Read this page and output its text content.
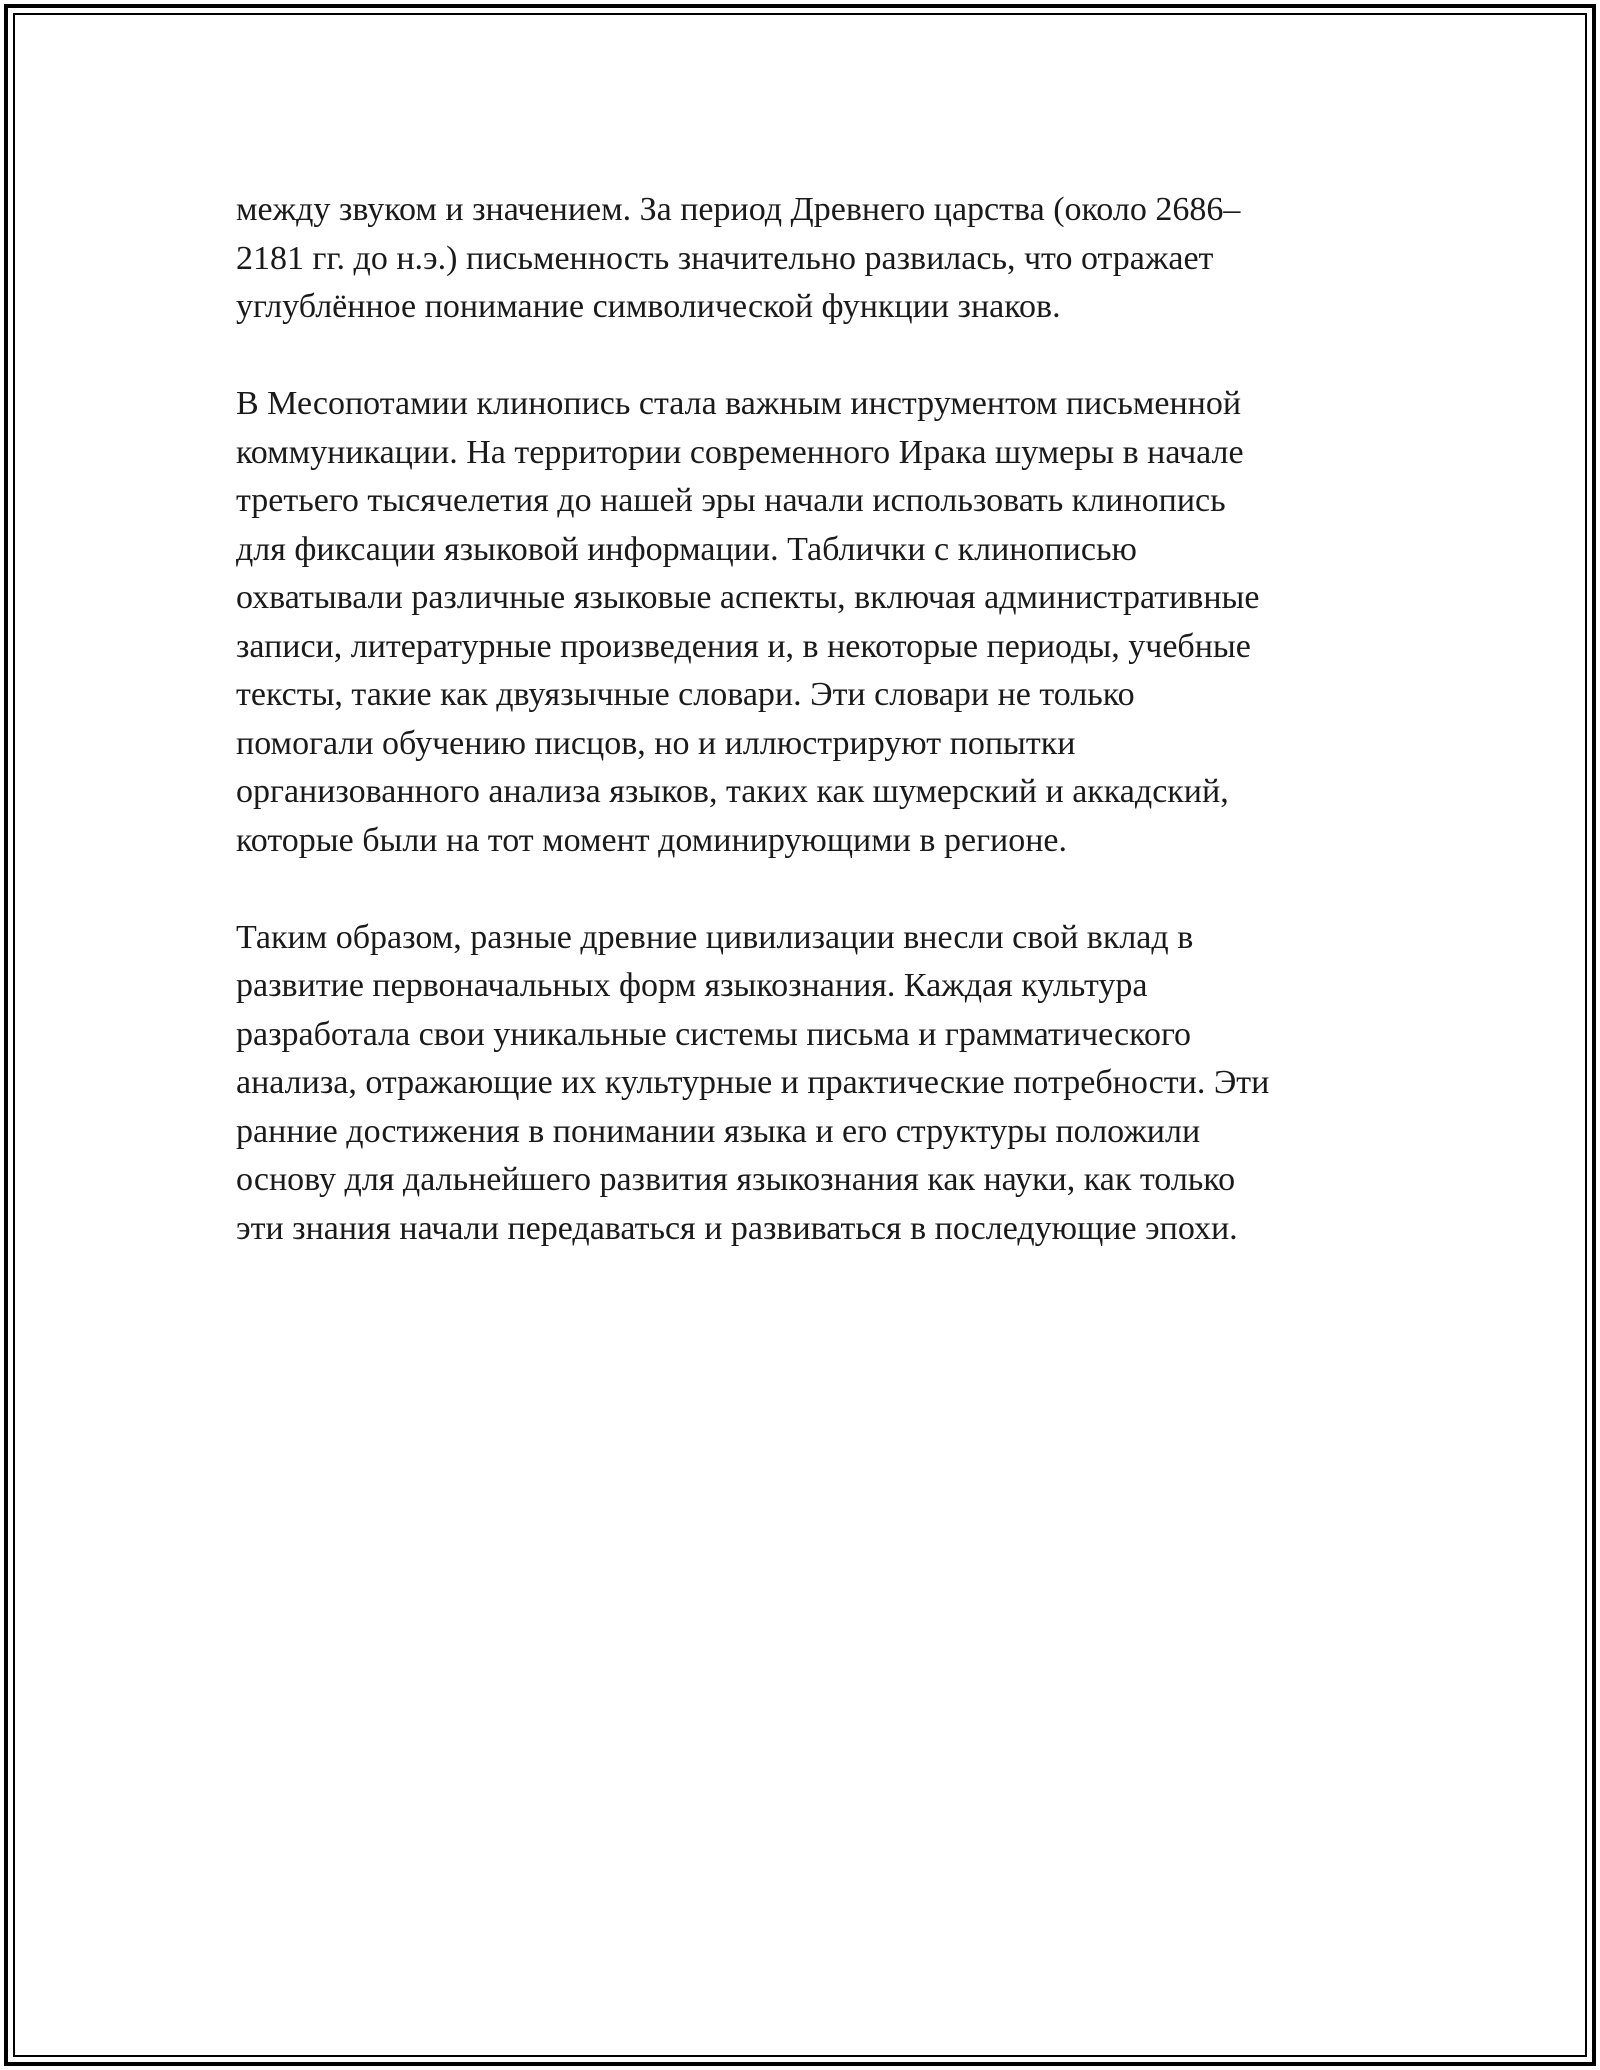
между звуком и значением. За период Древнего царства (около 2686–
2181 гг. до н.э.) письменность значительно развилась, что отражает
углублённое понимание символической функции знаков.

В Месопотамии клинопись стала важным инструментом письменной
коммуникации. На территории современного Ирака шумеры в начале
третьего тысячелетия до нашей эры начали использовать клинопись
для фиксации языковой информации. Таблички с клинописью
охватывали различные языковые аспекты, включая административные
записи, литературные произведения и, в некоторые периоды, учебные
тексты, такие как двуязычные словари. Эти словари не только
помогали обучению писцов, но и иллюстрируют попытки
организованного анализа языков, таких как шумерский и аккадский,
которые были на тот момент доминирующими в регионе.

Таким образом, разные древние цивилизации внесли свой вклад в
развитие первоначальных форм языкознания. Каждая культура
разработала свои уникальные системы письма и грамматического
анализа, отражающие их культурные и практические потребности. Эти
ранние достижения в понимании языка и его структуры положили
основу для дальнейшего развития языкознания как науки, как только
эти знания начали передаваться и развиваться в последующие эпохи.
